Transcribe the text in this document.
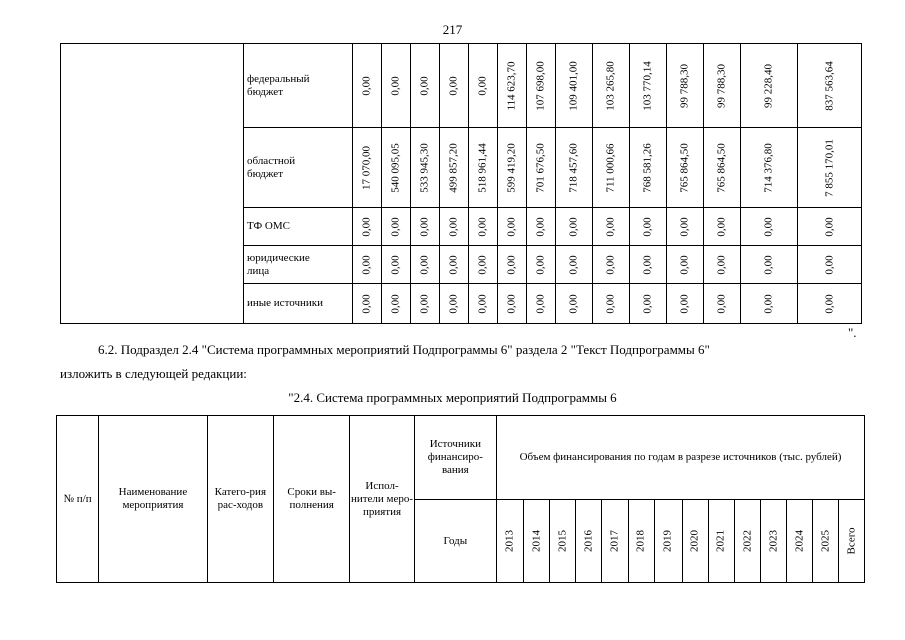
217

	федеральный
бюджет	0,00	0,00	0,00	0,00	0,00	114 623,70	107 698,00	109 401,00	103 265,80	103 770,14	99 788,30	99 788,30	99 228,40	837 563,64

	областной
бюджет	17 070,00	540 095,05	533 945,30	499 857,20	518 961,44	599 419,20	701 676,50	718 457,60	711 000,66	768 581,26	765 864,50	765 864,50	714 376,80	7 855 170,01

	ТФ ОМС	0,00	0,00	0,00	0,00	0,00	0,00	0,00	0,00	0,00	0,00	0,00	0,00	0,00	0,00

	юридические
лица	0,00	0,00	0,00	0,00	0,00	0,00	0,00	0,00	0,00	0,00	0,00	0,00	0,00	0,00

	иные источники	0,00	0,00	0,00	0,00	0,00	0,00	0,00	0,00	0,00	0,00	0,00	0,00	0,00	0,00
".
6.2. Подраздел 2.4 "Система программных мероприятий Подпрограммы 6" раздела 2 "Текст Подпрограммы 6"
изложить в следующей редакции:
"2.4. Система программных мероприятий Подпрограммы 6
№ п/п	Наименование мероприятия	Катего-рия рас-ходов	Сроки вы-полнения	Испол-нители меро-приятия	Источники финансиро-вания	Объем финансирования по годам в разрезе источников (тыс. рублей)													
					Годы	2013	2014	2015	2016	2017	2018	2019	2020	2021	2022	2023	2024	2025	Всего
